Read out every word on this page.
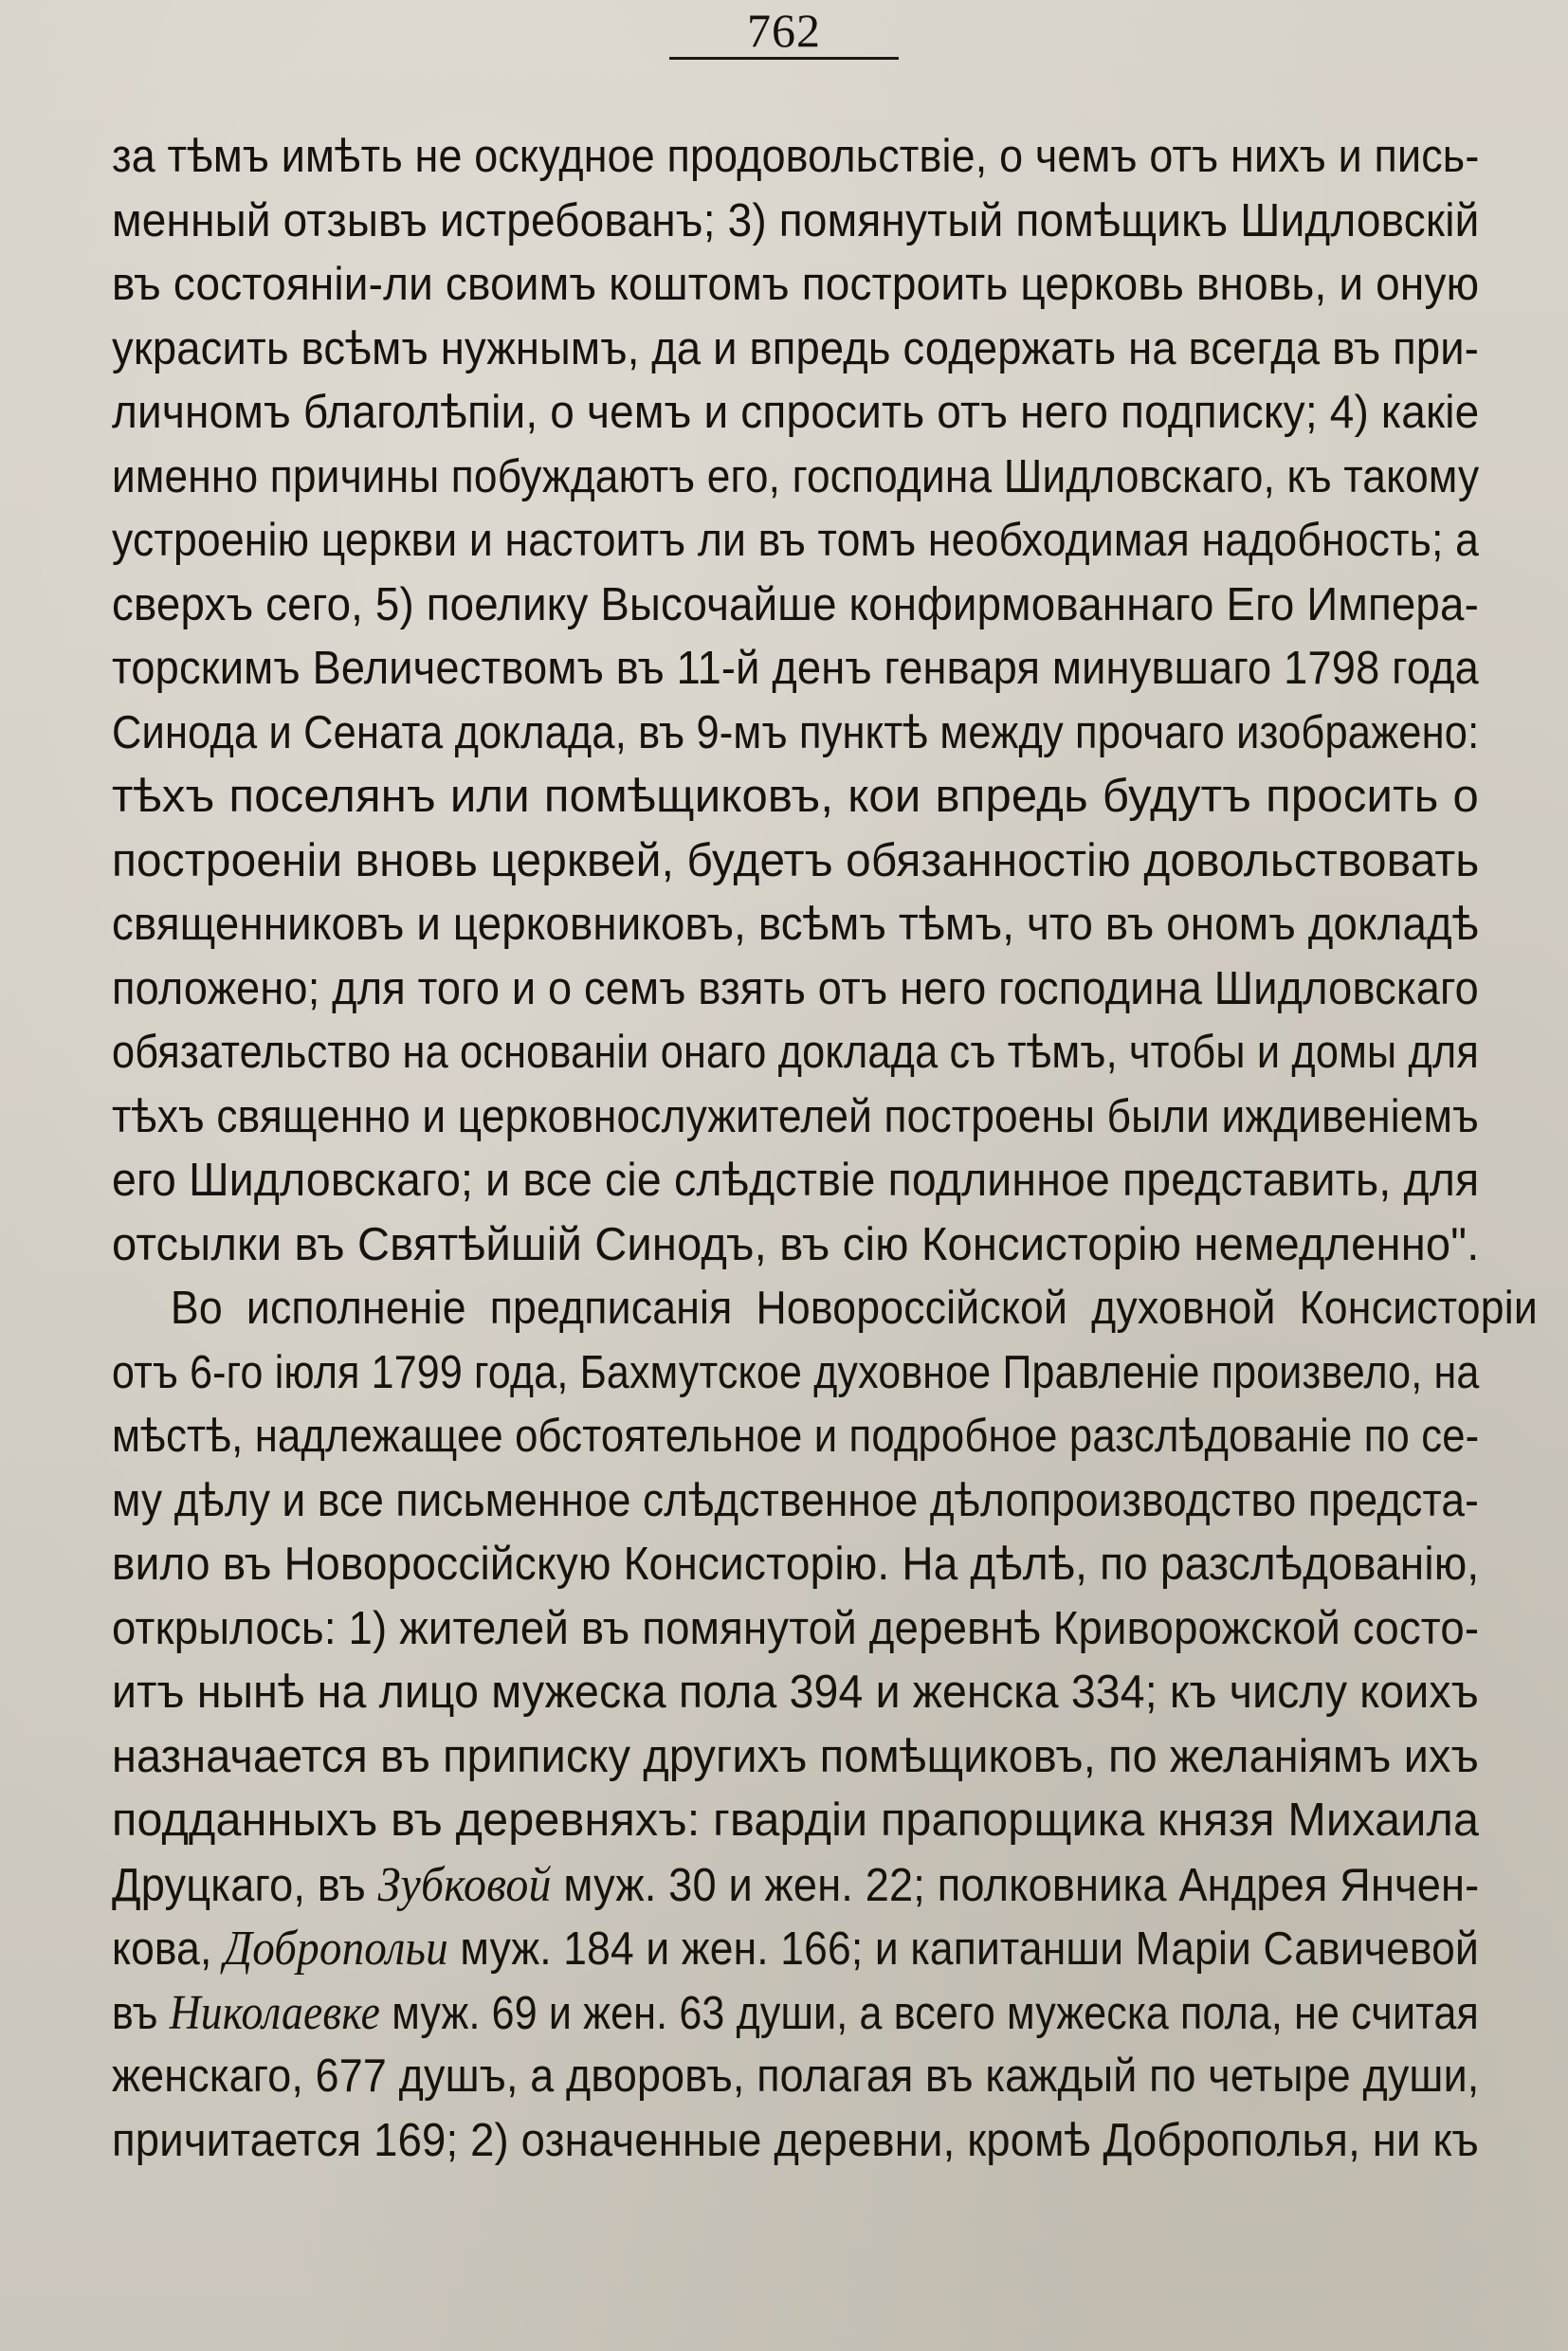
762
за тѣмъ имѣть не оскудное продовольствіе, о чемъ отъ нихъ и пись-
менный отзывъ истребованъ; 3) помянутый помѣщикъ Шидловскій
въ состояніи-ли своимъ коштомъ построить церковь вновь, и оную
украсить всѣмъ нужнымъ, да и впредь содержать на всегда въ при-
личномъ благолѣпіи, о чемъ и спросить отъ него подписку; 4) какіе
именно причины побуждаютъ его, господина Шидловскаго, къ такому
устроенію церкви и настоитъ ли въ томъ необходимая надобность; а
сверхъ сего, 5) поелику Высочайше конфирмованнаго Его Импера-
торскимъ Величествомъ въ 11-й денъ генваря минувшаго 1798 года
Синода и Сената доклада, въ 9-мъ пунктѣ между прочаго изображено:
тѣхъ поселянъ или помѣщиковъ, кои впредь будутъ просить о
построеніи вновь церквей, будетъ обязанностію довольствовать
священниковъ и церковниковъ, всѣмъ тѣмъ, что въ ономъ докладѣ
положено; для того и о семъ взять отъ него господина Шидловскаго
обязательство на основаніи онаго доклада съ тѣмъ, чтобы и домы для
тѣхъ священно и церковнослужителей построены были иждивеніемъ
его Шидловскаго; и все сіе слѣдствіе подлинное представить, для
отсылки въ Святѣйшій Синодъ, въ сію Консисторію немедленно".
Во исполненіе предписанія Новороссійской духовной Консисторіи
отъ 6-го іюля 1799 года, Бахмутское духовное Правленіе произвело, на
мѣстѣ, надлежащее обстоятельное и подробное разслѣдованіе по се-
му дѣлу и все письменное слѣдственное дѣлопроизводство предста-
вило въ Новороссійскую Консисторію. На дѣлѣ, по разслѣдованію,
открылось: 1) жителей въ помянутой деревнѣ Криворожской состо-
итъ нынѣ на лицо мужеска пола 394 и женска 334; къ числу коихъ
назначается въ приписку другихъ помѣщиковъ, по желаніямъ ихъ
подданныхъ въ деревняхъ: гвардіи прапорщика князя Михаила
Друцкаго, въ Зубковой муж. 30 и жен. 22; полковника Андрея Янчен-
кова, Добропольи муж. 184 и жен. 166; и капитанши Маріи Савичевой
въ Николаевке муж. 69 и жен. 63 души, а всего мужеска пола, не считая
женскаго, 677 душъ, а дворовъ, полагая въ каждый по четыре души,
причитается 169; 2) означенные деревни, кромѣ Доброполья, ни къ
